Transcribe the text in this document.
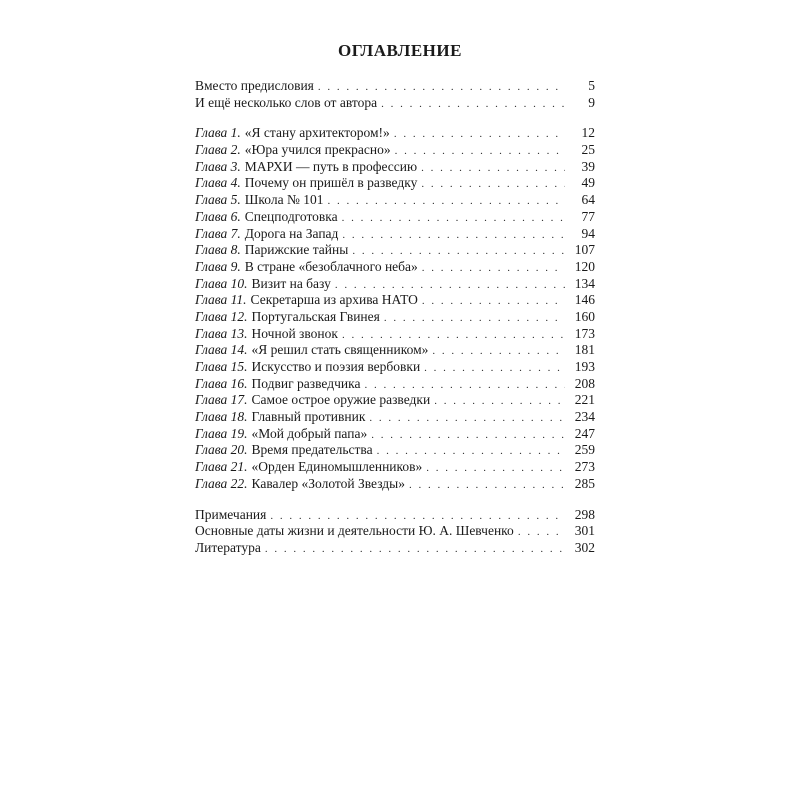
ОГЛАВЛЕНИЕ
Вместо предисловия . . .	5
И ещё несколько слов от автора . . .	9
Глава 1. «Я стану архитектором!» . . .	12
Глава 2. «Юра учился прекрасно» . . .	25
Глава 3. МАРХИ — путь в профессию . . .	39
Глава 4. Почему он пришёл в разведку . . .	49
Глава 5. Школа № 101 . . .	64
Глава 6. Спецподготовка . . .	77
Глава 7. Дорога на Запад . . .	94
Глава 8. Парижские тайны . . .	107
Глава 9. В стране «безоблачного неба» . . .	120
Глава 10. Визит на базу . . .	134
Глава 11. Секретарша из архива НАТО . . .	146
Глава 12. Португальская Гвинея . . .	160
Глава 13. Ночной звонок . . .	173
Глава 14. «Я решил стать священником» . . .	181
Глава 15. Искусство и поэзия вербовки . . .	193
Глава 16. Подвиг разведчика . . .	208
Глава 17. Самое острое оружие разведки . . .	221
Глава 18. Главный противник . . .	234
Глава 19. «Мой добрый папа» . . .	247
Глава 20. Время предательства . . .	259
Глава 21. «Орден Единомышленников» . . .	273
Глава 22. Кавалер «Золотой Звезды» . . .	285
Примечания . . .	298
Основные даты жизни и деятельности Ю. А. Шевченко . . .	301
Литература . . .	302
